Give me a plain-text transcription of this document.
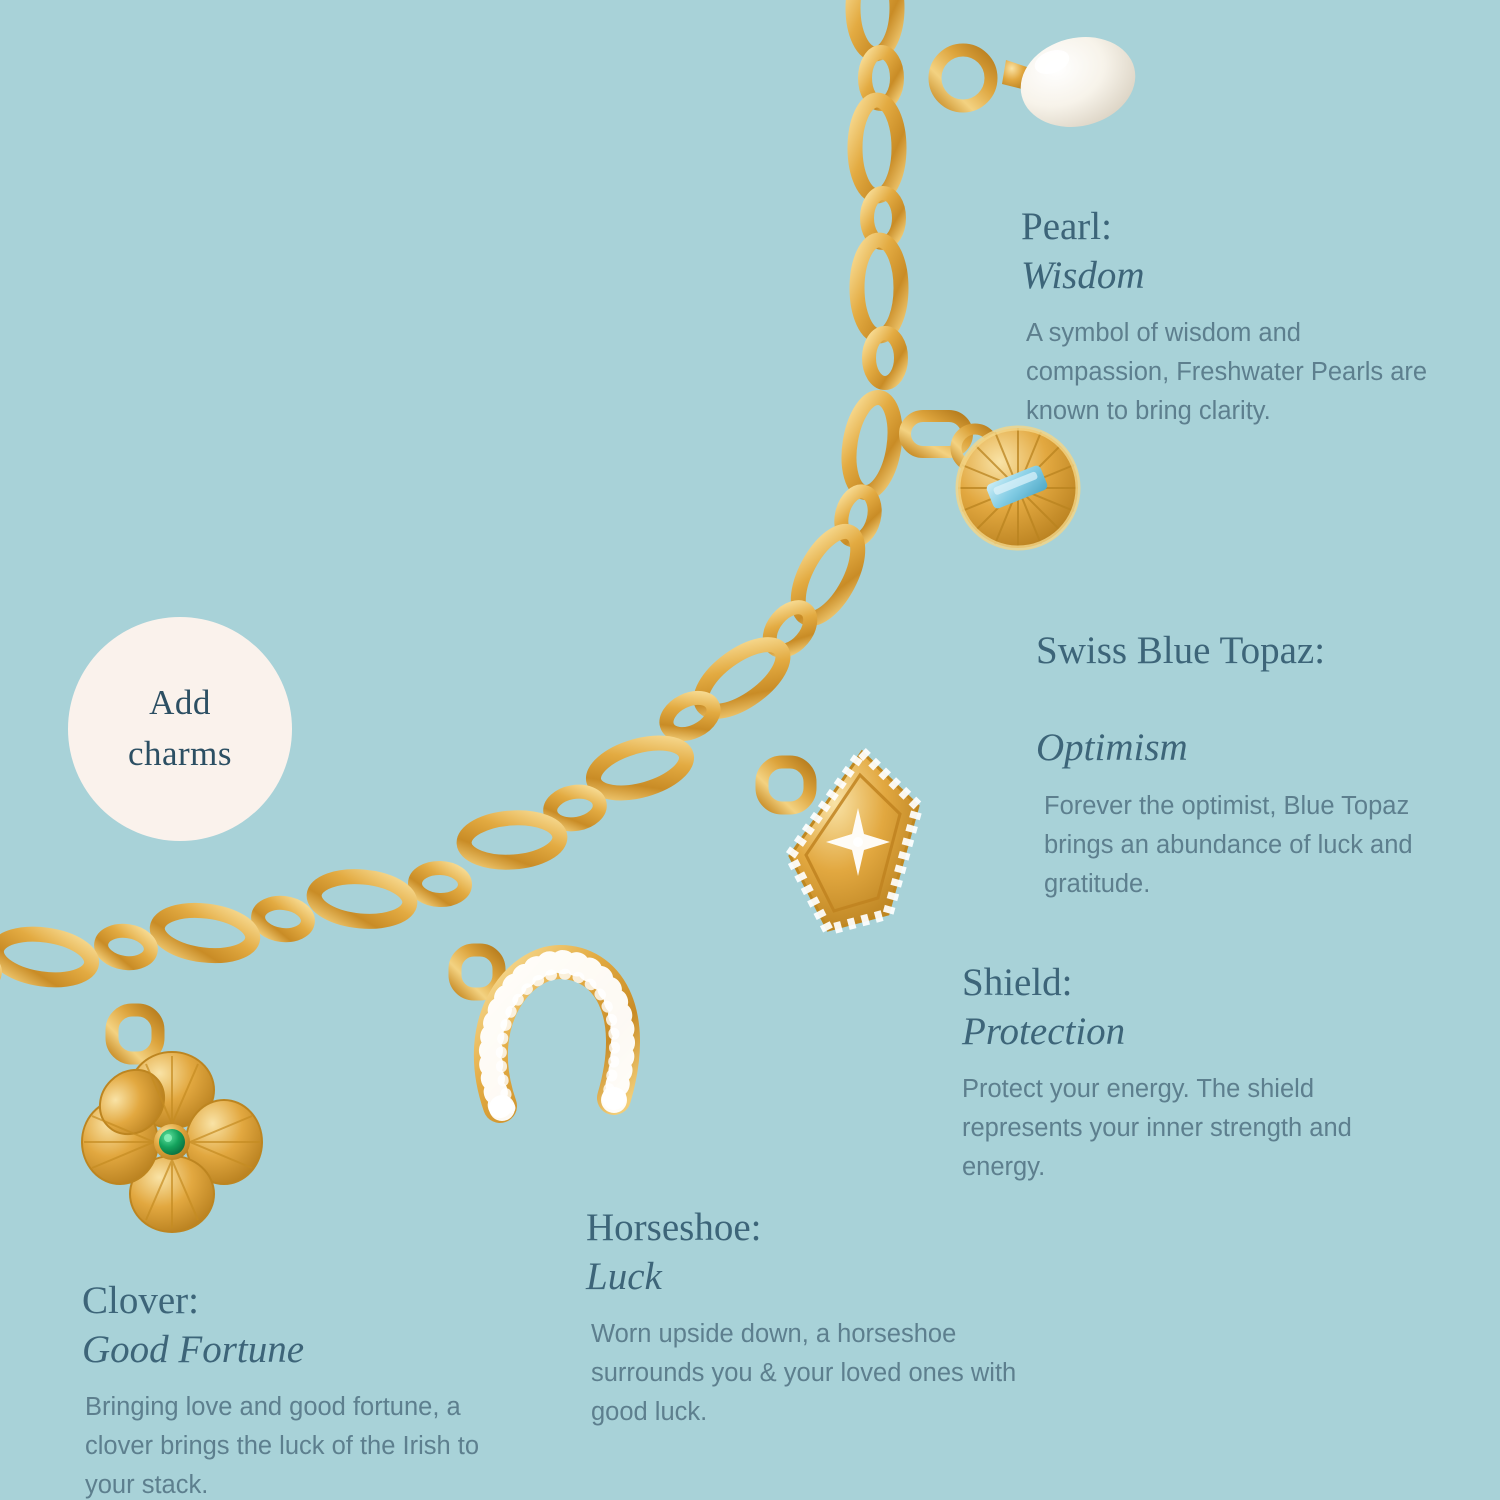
Add
charms

Pearl:
Wisdom

A symbol of wisdom and compassion, Freshwater Pearls are known to bring clarity.

Swiss Blue Topaz:

Optimism

Forever the optimist, Blue Topaz brings an abundance of luck and gratitude.

Shield:
Protection

Protect your energy. The shield represents your inner strength and energy.

Horseshoe:
Luck

Worn upside down, a horseshoe surrounds you & your loved ones with good luck.

Clover:
Good Fortune

Bringing love and good fortune, a clover brings the luck of the Irish to your stack.
